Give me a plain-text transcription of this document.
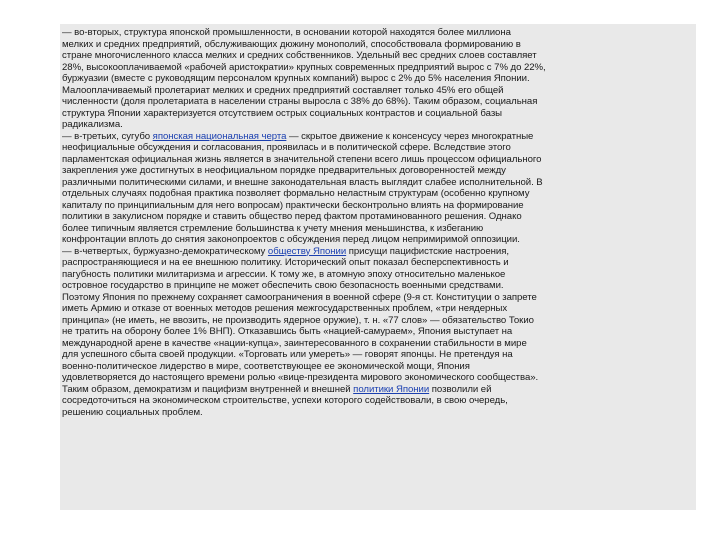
— во-вторых, структура японской промышленности, в основании которой находятся более миллиона
мелких и средних предприятий, обслуживающих дюжину монополий, способствовала формированию в
стране многочисленного класса мелких и средних собственников. Удельный вес средних слоев составляет
28%, высокооплачиваемой «рабочей аристократии» крупных современных предприятий вырос с 7% до 22%,
буржуазии (вместе с руководящим персоналом крупных компаний) вырос с 2% до 5% населения Японии.
Малооплачиваемый пролетариат мелких и средних предприятий составляет только 45% его общей
численности (доля пролетариата в населении страны выросла с 38% до 68%). Таким образом, социальная
структура Японии характеризуется отсутствием острых социальных контрастов и социальной базы
радикализма.
— в-третьих, сугубо японская национальная черта — скрытое движение к консенсусу через многократные
неофициальные обсуждения и согласования, проявилась и в политической сфере. Вследствие этого
парламентская официальная жизнь является в значительной степени всего лишь процессом официального
закрепления уже достигнутых в неофициальном порядке предварительных договоренностей между
различными политическими силами, и внешне законодательная власть выглядит слабее исполнительной. В
отдельных случаях подобная практика позволяет формально неластным структурам (особенно крупному
капиталу по принципиальным для него вопросам) практически бесконтрольно влиять на формирование
политики в закулисном порядке и ставить общество перед фактом протаминованного решения. Однако
более типичным является стремление большинства к учету мнения меньшинства, к избеганию
конфронтации вплоть до снятия законопроектов с обсуждения перед лицом непримиримой оппозиции.
— в-четвертых, буржуазно-демократическому обществу Японии присущи пацифистские настроения,
распространяющиеся и на ее внешнюю политику. Исторический опыт показал бесперспективность и
пагубность политики милитаризма и агрессии. К тому же, в атомную эпоху относительно маленькое
островное государство в принципе не может обеспечить свою безопасность военными средствами.
Поэтому Япония по прежнему сохраняет самоограничения в военной сфере (9-я ст. Конституции о запрете
иметь Армию и отказе от военных методов решения межгосударственных проблем, «три неядерных
принципа» (не иметь, не ввозить, не производить ядерное оружие), т. н. «77 слов» — обязательство Токио
не тратить на оборону более 1% ВНП). Отказавшись быть «нацией-самураем», Япония выступает на
международной арене в качестве «нации-купца», заинтересованного в сохранении стабильности в мире
для успешного сбыта своей продукции. «Торговать или умереть» — говорят японцы. Не претендуя на
военно-политическое лидерство в мире, соответствующее ее экономической мощи, Япония
удовлетворяется до настоящего времени ролью «вице-президента мирового экономического сообщества».
Таким образом, демократизм и пацифизм внутренней и внешней политики Японии позволили ей
сосредоточиться на экономическом строительстве, успехи которого содействовали, в свою очередь,
решению социальных проблем.
